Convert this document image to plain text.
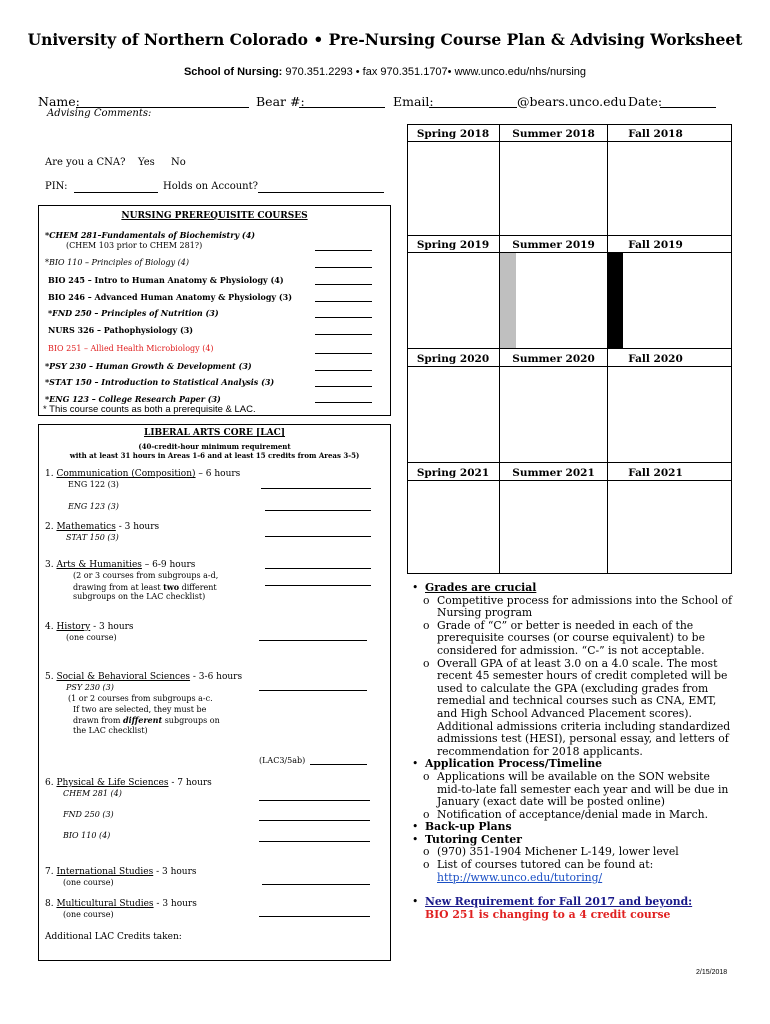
University of Northern Colorado • Pre-Nursing Course Plan & Advising Worksheet
School of Nursing: 970.351.2293 • fax 970.351.1707• www.unco.edu/nhs/nursing
Name:	Bear #:	Email:	@bears.unco.edu Date:
Advising Comments:
Are you a CNA? Yes No
PIN:	Holds on Account?
NURSING PREREQUISITE COURSES
*CHEM 281–Fundamentals of Biochemistry (4)
(CHEM 103 prior to CHEM 281?)
*BIO 110 – Principles of Biology (4)
BIO 245 – Intro to Human Anatomy & Physiology (4)
BIO 246 – Advanced Human Anatomy & Physiology (3)
*FND 250 – Principles of Nutrition (3)
NURS 326 – Pathophysiology (3)
BIO 251 – Allied Health Microbiology (4)
*PSY 230 – Human Growth & Development (3)
*STAT 150 – Introduction to Statistical Analysis (3)
*ENG 123 – College Research Paper (3)
* This course counts as both a prerequisite & LAC.
LIBERAL ARTS CORE [LAC]
(40-credit-hour minimum requirement
with at least 31 hours in Areas 1-6 and at least 15 credits from Areas 3-5)
1. Communication (Composition) – 6 hours
ENG 122 (3)
ENG 123 (3)
2. Mathematics - 3 hours
STAT 150 (3)
3. Arts & Humanities – 6-9 hours
(2 or 3 courses from subgroups a-d,
drawing from at least two different
subgroups on the LAC checklist)
4. History - 3 hours
(one course)
5. Social & Behavioral Sciences - 3-6 hours
PSY 230 (3)
(1 or 2 courses from subgroups a-c.
If two are selected, they must be
drawn from different subgroups on
the LAC checklist)
(LAC3/5ab)
6. Physical & Life Sciences - 7 hours
CHEM 281 (4)
FND 250 (3)
BIO 110 (4)
7. International Studies - 3 hours
(one course)
8. Multicultural Studies - 3 hours
(one course)
Additional LAC Credits taken:
Spring 2018	Summer 2018	Fall 2018
Spring 2019	Summer 2019	Fall 2019
Spring 2020	Summer 2020	Fall 2020
Spring 2021	Summer 2021	Fall 2021
• Grades are crucial
o Competitive process for admissions into the School of Nursing program
o Grade of “C” or better is needed in each of the prerequisite courses (or course equivalent) to be considered for admission. “C-” is not acceptable.
o Overall GPA of at least 3.0 on a 4.0 scale. The most recent 45 semester hours of credit completed will be used to calculate the GPA (excluding grades from remedial and technical courses such as CNA, EMT, and High School Advanced Placement scores). Additional admissions criteria including standardized admissions test (HESI), personal essay, and letters of recommendation for 2018 applicants.
• Application Process/Timeline
o Applications will be available on the SON website mid-to-late fall semester each year and will be due in January (exact date will be posted online)
o Notification of acceptance/denial made in March.
• Back-up Plans
• Tutoring Center
o (970) 351-1904 Michener L-149, lower level
o List of courses tutored can be found at:
http://www.unco.edu/tutoring/
• New Requirement for Fall 2017 and beyond:
BIO 251 is changing to a 4 credit course
2/15/2018
